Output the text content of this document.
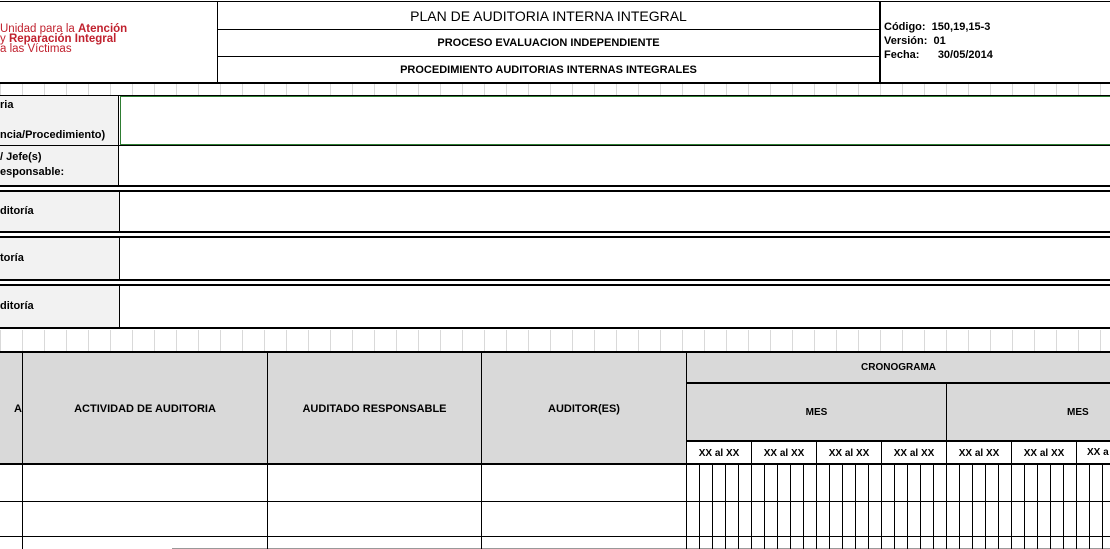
Unidad para la Atención
y Reparación Integral
a las Víctimas
PLAN DE AUDITORIA INTERNA INTEGRAL
PROCESO EVALUACION INDEPENDIENTE
PROCEDIMIENTO AUDITORIAS INTERNAS INTEGRALES
Código: 150,19,15-3
Versión: 01
Fecha: 30/05/2014
ria

ncia/Procedimiento)
/ Jefe(s)
esponsable:
ditoría
toría
ditoría
A	ACTIVIDAD DE AUDITORIA	AUDITADO RESPONSABLE	AUDITOR(ES)
CRONOGRAMA
MES	MES
XX al XX	XX al XX	XX al XX	XX al XX	XX al XX	XX al XX	XX a
